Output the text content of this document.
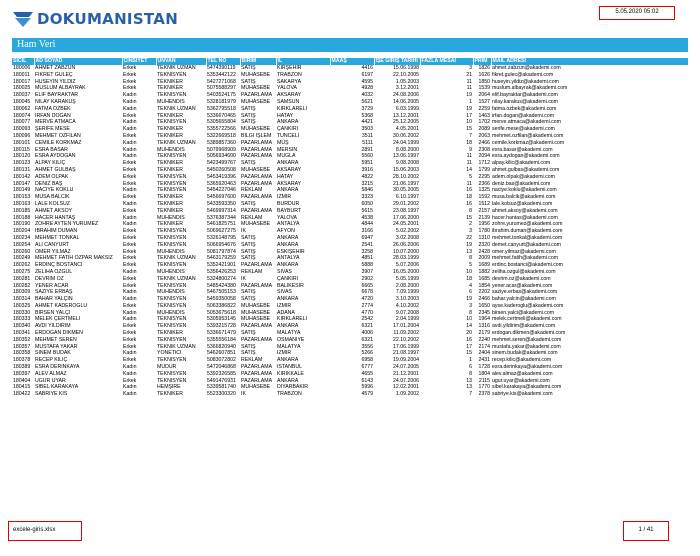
DOKUMANISTAN	5.05.2020 05:02
Ham Veri
SİCİL	AD SOYAD	CİNSİYET	UNVAN	TEL NO	BİRİM	İL	MAAŞ	İŞE GİRİŞ TARİHİ	FAZLA MESAİ	PRİM	MAİL ADRESİ
180006	AHMET ZABZUN	Erkek	TEKNİK UZMAN	5474390119	SATIŞ	KIRŞEHİR	4416	15.06.1998	3	1826	ahmet.zabzun@akademi.com
180011	FIKRET GÜLEÇ	Erkek	TEKNİSYEN	5353442122	MUHASEBE	TRABZON	6197	22.10.2005	21	1626	fikret.gulec@akademi.com
180017	HÜSEYİN YILDIZ	Erkek	TEKNİKER	5427271068	SATIŞ	SAKARYA	4595	1.05.2003	11	1850	huseyin.yildiz@akademi.com
180025	MÜSLÜM ALBAYRAK	Erkek	TEKNİKER	5075588297	MUHASEBE	YALOVA	4928	3.12.2001	11	1539	muslum.albayrak@akademi.com
180037	ELİF BAYRAKTAR	Kadın	TEKNİSYEN	5403524175	PAZARLAMA	AKSARAY	4032	24.08.2006	19	2064	elif.bayraktar@akademi.com
180045	NİLAY KARAKUŞ	Kadın	MÜHENDİS	5328181979	MUHASEBE	SAMSUN	5621	14.06.2005	1	1527	nilay.karakus@akademi.com
180062	FATMA ÖZBEK	Kadın	TEKNİK UZMAN	5362795518	SATIŞ	KIRKLARELİ	3729	6.03.1999	19	2259	fatma.ozbek@akademi.com
180074	İRFAN DOĞAN	Erkek	TEKNİKER	5336670465	SATIŞ	HATAY	5368	13.12.2001	17	1463	irfan.dogan@akademi.com
180077	MERVE ATMACA	Kadın	TEKNİSYEN	5305655804	SATIŞ	ANKARA	4421	25.12.2005	10	1702	merve.atmaca@akademi.com
180093	ŞERİFE MESE	Kadın	TEKNİKER	5355722566	MUHASEBE	ÇANKIRI	3503	4.05.2001	15	2089	serife.mese@akademi.com
180096	MEHMET ÖZFİLAN	Erkek	TEKNİKER	5322669518	BİLGİ İŞLEM	TUNCELİ	3511	30.06.2002	7	2063	mehmet.ozfilan@akademi.com
180101	CEMİLE KORKMAZ	Kadın	TEKNİK UZMAN	5389857360	PAZARLAMA	MUŞ	5111	24.04.1999	18	2466	cemile.korkmaz@akademi.com
180115	ESRA BASAR	Kadın	MÜHENDİS	5079968909	PAZARLAMA	MERSİN	2891	8.08.2000	9	2308	esra.basar@akademi.com
180120	ESRA AYDOĞAN	Kadın	TEKNİSYEN	5056934600	PAZARLAMA	MUĞLA	5560	13.06.1997	11	2094	esra.aydogan@akademi.com
180123	ALPAY KILIÇ	Erkek	TEKNİKER	5423499767	SATIŞ	ANKARA	5951	9.08.2008	11	1712	alpay.kilic@akademi.com
180131	AHMET GÜLBAŞ	Erkek	TEKNİKER	5450260508	MUHASEBE	AKSARAY	3916	15.06.2003	14	1799	ahmet.gulbas@akademi.com
180142	ADEM OLPAK	Erkek	TEKNİSYEN	5453419396	PAZARLAMA	HATAY	4822	28.10.2002	5	2295	adem.olpak@akademi.com
180147	DENİZ BAŞ	Erkek	TEKNİSYEN	5365920463	PAZARLAMA	AKSARAY	3215	21.06.1997	11	2366	deniz.bas@akademi.com
180149	NACİYE KÖKLÜ	Kadın	TEKNİSYEN	5454227046	REKLAM	ANKARA	5846	30.05.2005	16	1325	naciye.koklu@akademi.com
180153	MUSA BALCIK	Erkek	TEKNİKER	5456697600	PAZARLAMA	İZMİR	3323	6.10.1997	18	1592	musa.balcik@akademi.com
180163	LALE KOLSUZ	Kadın	TEKNİKER	5433593350	SATIŞ	BURDUR	6050	29.01.2002	16	1512	lale.kolsuz@akademi.com
180185	AHMET AKSOY	Erkek	TEKNİKER	5469997314	PAZARLAMA	BAYBURT	5615	23.08.1997	8	2157	ahmet.aksoy@akademi.com
180188	HACER HANTAŞ	Kadın	MÜHENDİS	5376387344	REKLAM	YALOVA	4538	17.06.2000	15	2139	hacer.hantas@akademi.com
180190	ZÖHRE AYTEN YÜRÜMEZ	Kadın	TEKNİKER	5461825751	MUHASEBE	ANTALYA	4844	24.05.2001	2	1956	zohre.yurumez@akademi.com
180204	İBRAHİM DUMAN	Erkek	TEKNİSYEN	5069627275	İK	AFYON	3166	5.02.2002	3	1780	ibrahim.duman@akademi.com
180234	MEHMET TONKAL	Erkek	TEKNİSYEN	5326148795	SATIŞ	ANKARA	6947	3.02.2008	22	1310	mehmet.tonkal@akademi.com
180254	ALİ CANYURT	Erkek	TEKNİSYEN	5066954676	SATIŞ	ANKARA	2541	26.06.2006	19	2320	demet.canyurt@akademi.com
180260	ÖMER YILMAZ	Erkek	MÜHENDİS	5081797874	SATIŞ	ESKİŞEHİR	3258	10.07.2000	13	2428	omer.yilmaz@akademi.com
180249	MEHMET FATİH ÖZPAR MAKSİZ	Erkek	TEKNİK UZMAN	5463179259	SATIŞ	ANTALYA	4851	28.03.1999	8	2009	mehmet.fatih@akademi.com
180262	ERDİNÇ BOSTANCI	Erkek	TEKNİSYEN	5352421901	PAZARLAMA	ANKARA	5888	5.07.2006	5	1689	erdinc.bostanci@akademi.com
180275	ZELİHA ÖZGÜL	Kadın	MÜHENDİS	5356426253	REKLAM	SİVAS	3907	16.05.2000	10	1882	zeliha.ozgul@akademi.com
180281	DEVRİM ÖZ	Erkek	TEKNİK UZMAN	5324800274	İK	ÇANKIRI	2902	5.05.1999	18	1685	devrim.oz@akademi.com
180282	YENER ACAR	Erkek	TEKNİSYEN	5485424380	PAZARLAMA	BALIKESİR	6665	2.08.2000	4	1854	yener.acar@akademi.com
180309	SAZİYE ERBAŞ	Kadın	MÜHENDİS	5467505153	SATIŞ	SİVAS	6678	7.09.1999	6	2202	saziye.erbas@akademi.com
180314	BAHAR YALÇIN	Kadın	TEKNİSYEN	5459350058	SATIŞ	ANKARA	4720	3.10.2003	19	2466	bahar.yalcin@akademi.com
180325	AHMET KADEROĞLU	Erkek	TEKNİSYEN	5063386822	MUHASEBE	İZMİR	2774	4.10.2002	3	1650	ayse.kaderoglu@akademi.com
180330	BİRSEN YALÇI	Kadın	MÜHENDİS	5053675618	MUHASEBE	ADANA	4770	9.07.2008	8	2345	birsen.yalci@akademi.com
180333	MELEK ÇERTMELİ	Kadın	TEKNİSYEN	5305953145	MUHASEBE	KIRKLARELİ	2542	2.04.1999	10	1964	melek.certmeli@akademi.com
180340	AVDİ YILDIRIM	Erkek	TEKNİSYEN	5393215728	PAZARLAMA	ANKARA	6321	17.01.2004	14	1316	avdi.yildirim@akademi.com
180341	ERDOĞAN DİKMEN	Erkek	TEKNİKER	5336671479	SATIŞ	MALATYA	4006	11.09.2002	20	2179	erdogan.dikmen@akademi.com
180352	MEHMET SEREN	Erkek	TEKNİSYEN	5355556184	PAZARLAMA	OSMANİYE	6321	22.10.2002	16	2240	mehmet.seren@akademi.com
180357	MUSTAFA YAKAR	Erkek	TEKNİK UZMAN	5366820940	SATIŞ	MALATYA	3556	17.06.1999	17	2174	mustafa.yakar@akademi.com
180358	SİNEM BUDAK	Kadın	YÖNETİCİ	5462607851	SATIŞ	İZMİR	5266	21.08.1997	15	2404	sinem.budak@akademi.com
180378	RECEP KILIÇ	Erkek	TEKNİSYEN	5083072802	REKLAM	ANKARA	6958	19.09.2004	1	2431	recep.kilic@akademi.com
180389	ESRA DERİNKAYA	Kadın	MÜDÜR	5472046868	PAZARLAMA	İSTANBUL	6777	24.07.2005	6	1728	esra.derinkaya@akademi.com
180397	ALEV ALMAZ	Kadın	TEKNİSYEN	5392326585	PAZARLAMA	KIRIKKALE	4655	21.12.2001	8	1804	alev.almaz@akademi.com
180404	UĞUR UYAR	Erkek	TEKNİSYEN	5491476931	PAZARLAMA	ANKARA	6143	24.07.2006	13	2115	ugur.uyar@akademi.com
180415	SİBEL KARAKAYA	Kadın	HEMŞİRE	5339581740	MUHASEBE	DİYARBAKIR	5996	12.02.2001	13	1770	sibel.karakaya@akademi.com
180422	SABRİYE KIS	Kadın	TEKNİKER	5523300320	İK	TRABZON	4579	1.09.2002	7	2378	sabriye.kis@akademi.com
excele-giris.xlsx	1 / 41
